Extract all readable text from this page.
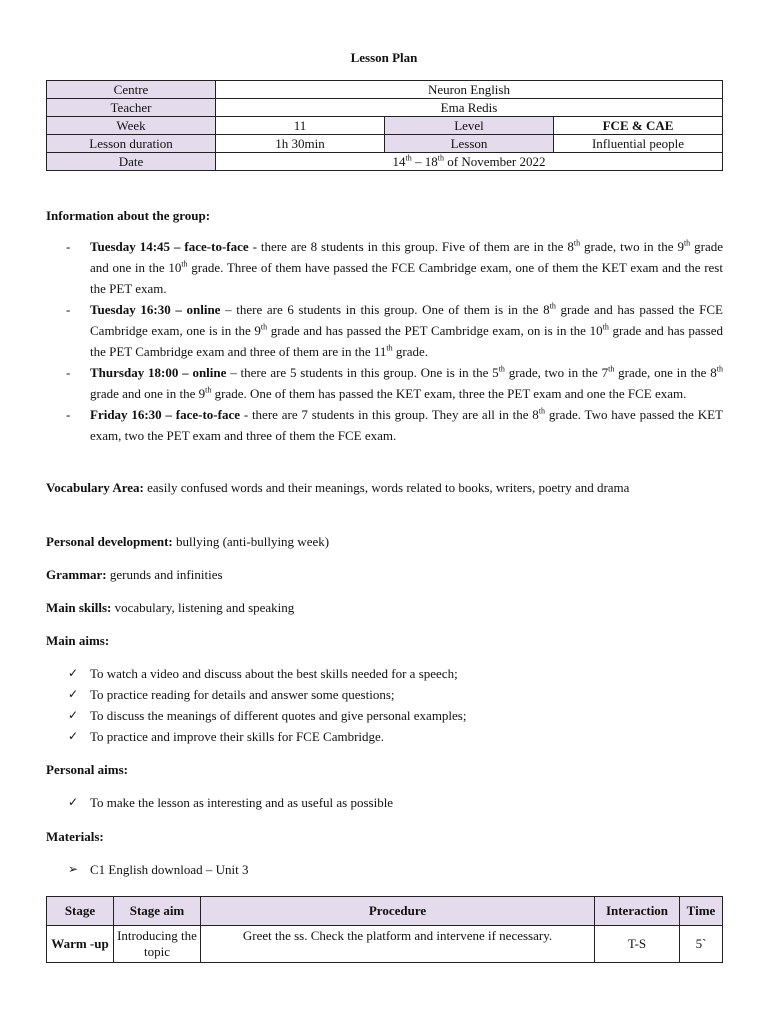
Lesson Plan
Centre	Neuron English		
Teacher	Ema Redis		
Week	11	Level	FCE & CAE
Lesson duration	1h 30min	Lesson	Influential people
Date	14th – 18th of November 2022		
Information about the group:
- Tuesday 14:45 – face-to-face - there are 8 students in this group. Five of them are in the 8th grade, two in the 9th grade and one in the 10th grade. Three of them have passed the FCE Cambridge exam, one of them the KET exam and the rest the PET exam.
- Tuesday 16:30 – online – there are 6 students in this group. One of them is in the 8th grade and has passed the FCE Cambridge exam, one is in the 9th grade and has passed the PET Cambridge exam, on is in the 10th grade and has passed the PET Cambridge exam and three of them are in the 11th grade.
- Thursday 18:00 – online – there are 5 students in this group. One is in the 5th grade, two in the 7th grade, one in the 8th grade and one in the 9th grade. One of them has passed the KET exam, three the PET exam and one the FCE exam.
- Friday 16:30 – face-to-face - there are 7 students in this group. They are all in the 8th grade. Two have passed the KET exam, two the PET exam and three of them the FCE exam.
Vocabulary Area: easily confused words and their meanings, words related to books, writers, poetry and drama
Personal development: bullying (anti-bullying week)
Grammar: gerunds and infinities
Main skills: vocabulary, listening and speaking
Main aims:
✓ To watch a video and discuss about the best skills needed for a speech;
✓ To practice reading for details and answer some questions;
✓ To discuss the meanings of different quotes and give personal examples;
✓ To practice and improve their skills for FCE Cambridge.
Personal aims:
✓ To make the lesson as interesting and as useful as possible
Materials:
➢ C1 English download – Unit 3
Stage	Stage aim	Procedure	Interaction	Time
Warm -up	Introducing the topic	Greet the ss. Check the platform and intervene if necessary.	T-S	5`
